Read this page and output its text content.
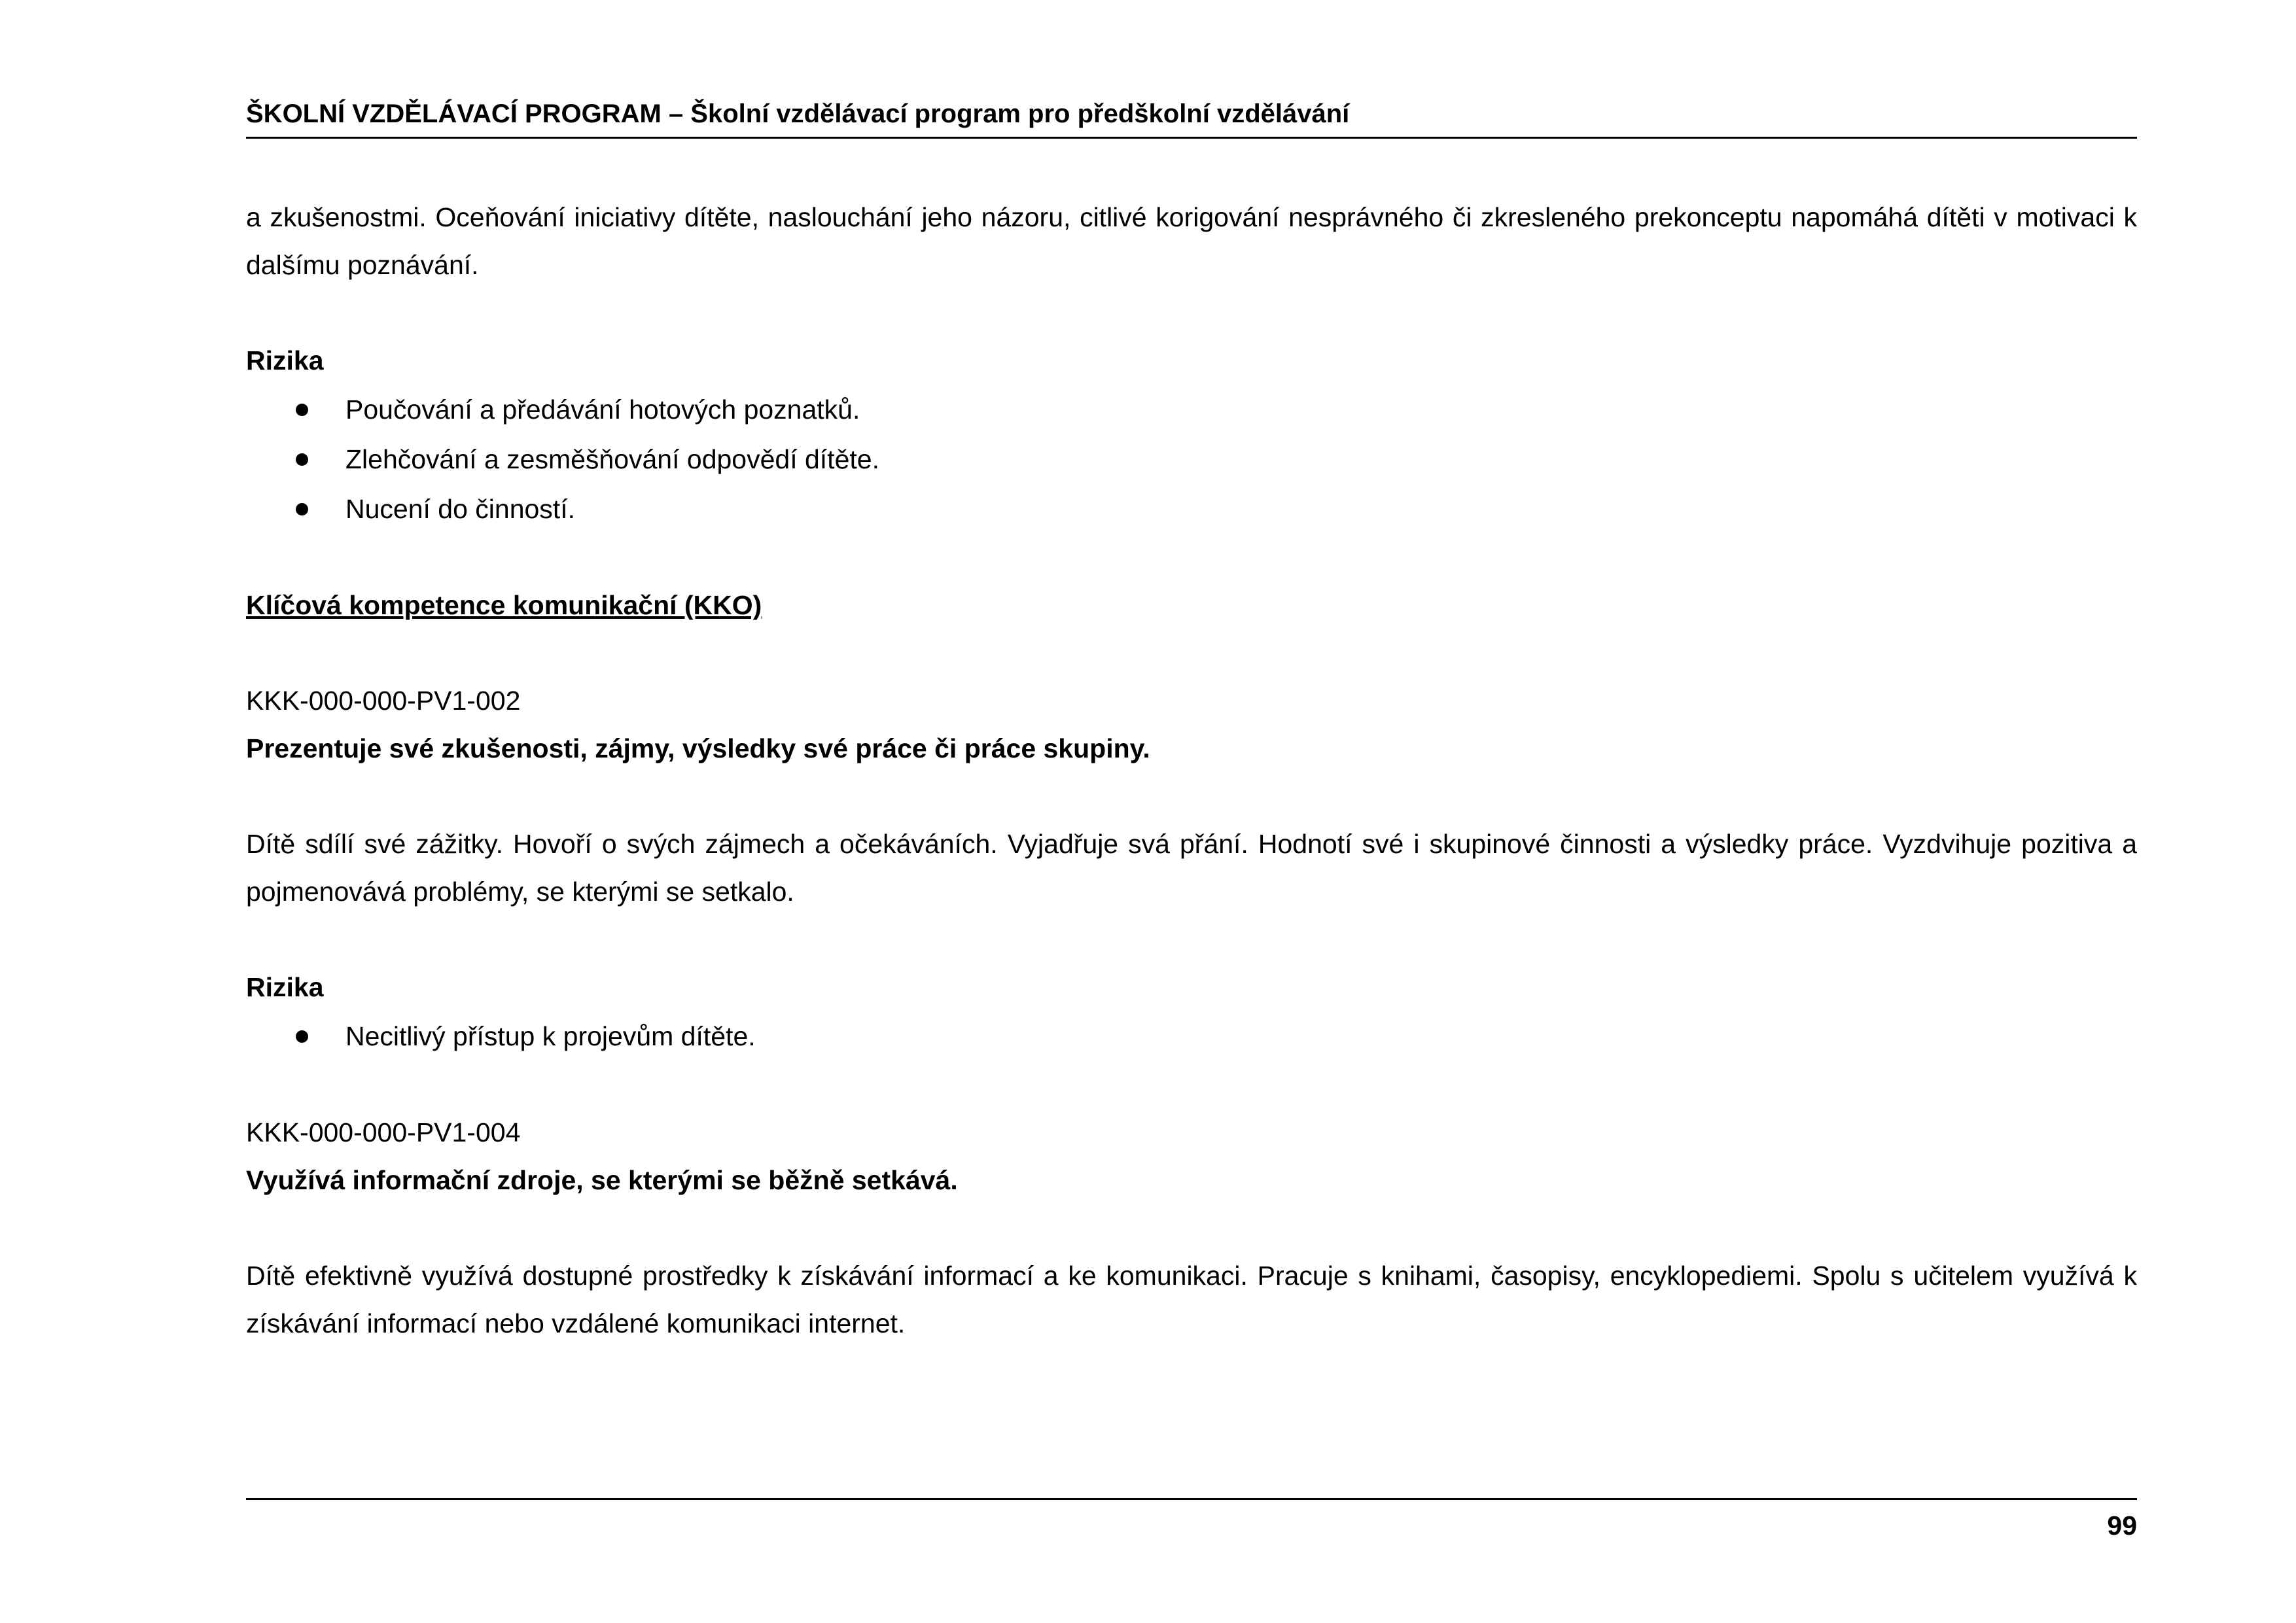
ŠKOLNÍ VZDĚLÁVACÍ PROGRAM – Školní vzdělávací program pro předškolní vzdělávání

a zkušenostmi. Oceňování iniciativy dítěte, naslouchání jeho názoru, citlivé korigování nesprávného či zkresleného prekonceptu napomáhá dítěti v motivaci k dalšímu poznávání.

Rizika

Poučování a předávání hotových poznatků.
Zlehčování a zesměšňování odpovědí dítěte.
Nucení do činností.

Klíčová kompetence komunikační (KKO)

KKK-000-000-PV1-002

Prezentuje své zkušenosti, zájmy, výsledky své práce či práce skupiny.

Dítě sdílí své zážitky. Hovoří o svých zájmech a očekáváních. Vyjadřuje svá přání. Hodnotí své i skupinové činnosti a výsledky práce. Vyzdvihuje pozitiva a pojmenovává problémy, se kterými se setkalo.

Rizika

Necitlivý přístup k projevům dítěte.

KKK-000-000-PV1-004

Využívá informační zdroje, se kterými se běžně setkává.

Dítě efektivně využívá dostupné prostředky k získávání informací a ke komunikaci. Pracuje s knihami, časopisy, encyklopediemi. Spolu s učitelem využívá k získávání informací nebo vzdálené komunikaci internet.

99
